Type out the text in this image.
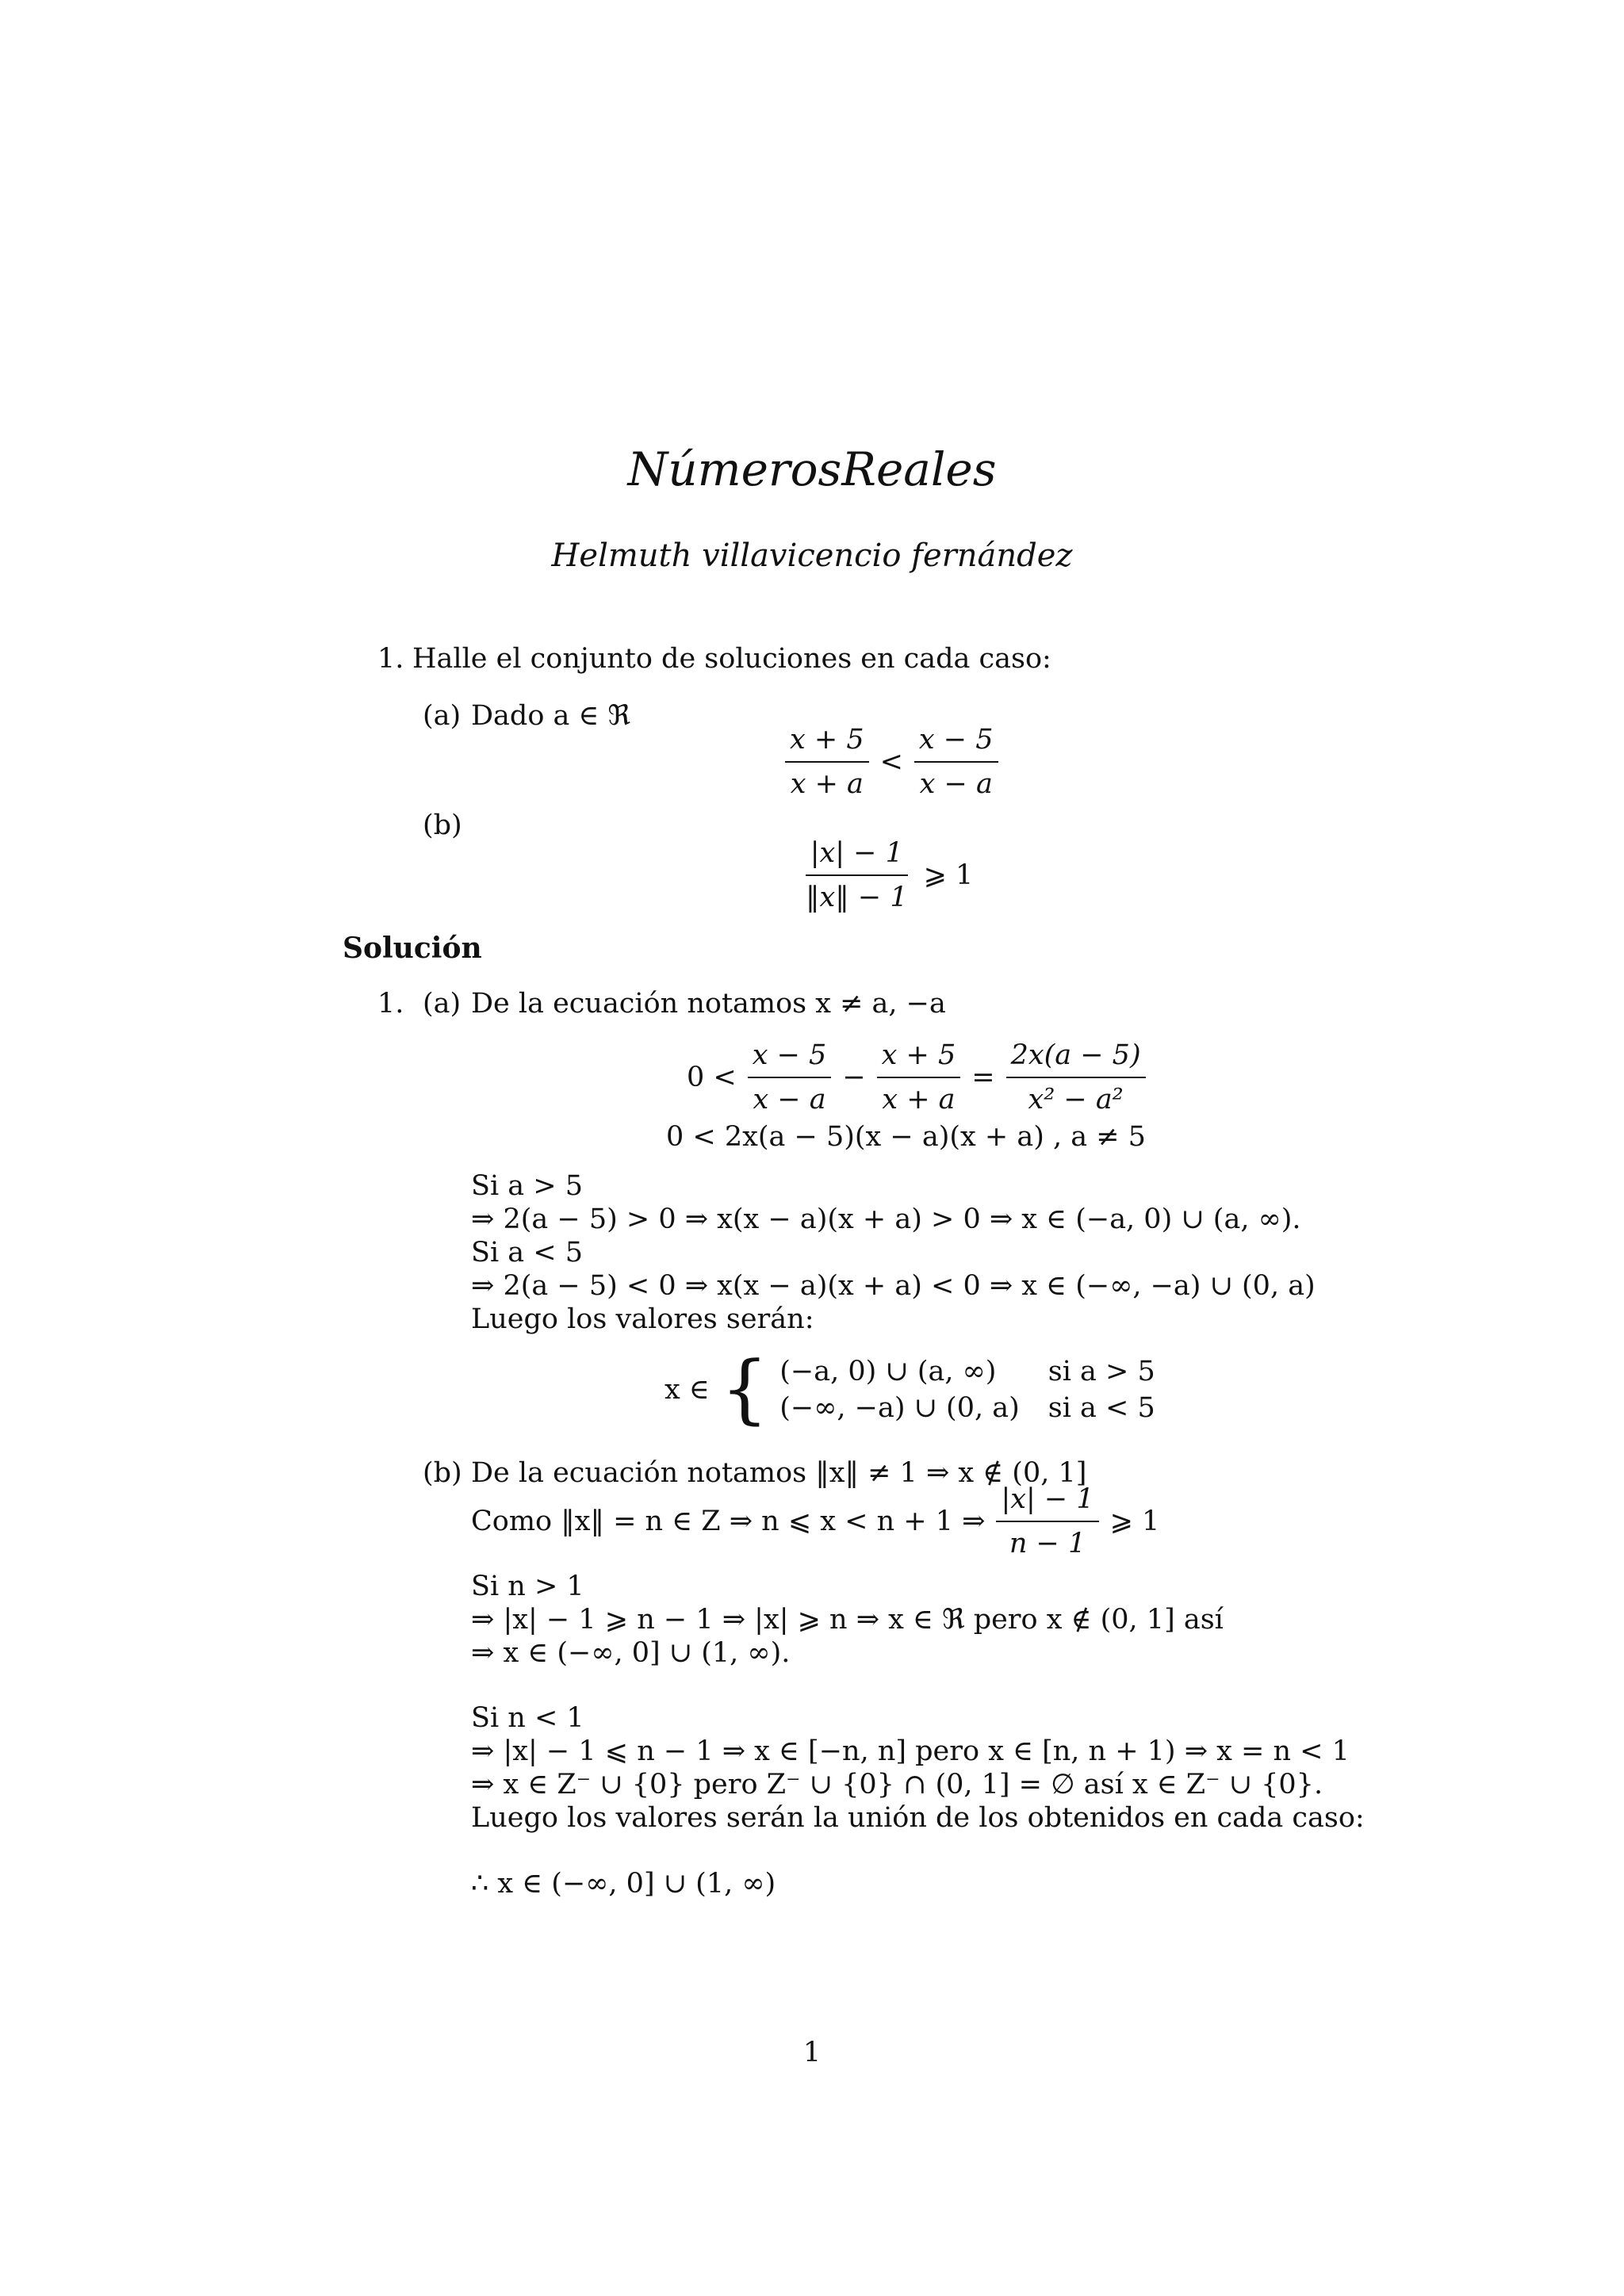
NúmerosReales
Helmuth villavicencio fernández
1. Halle el conjunto de soluciones en cada caso:
(a) Dado a ∈ ℜ
$\frac{x + 5}{x + a} < \frac{x - 5}{x - a}$
(b)
$\frac{|x| - 1}{‖x‖ - 1}$ ⩾ 1
Solución
1. (a) De la ecuación notamos x ≠ a, −a
$0 < \frac{x - 5}{x - a} - \frac{x + 5}{x + a} = \frac{2x(a - 5)}{\text{x² − a²}}$
0 < 2x(a − 5)(x − a)(x + a) , a ≠ 5
Si a > 5
⇒ 2(a − 5) > 0 ⇒ x(x − a)(x + a) > 0 ⇒ x ∈ (−a, 0) ∪ (a, ∞).
Si a < 5
⇒ 2(a − 5) < 0 ⇒ x(x − a)(x + a) < 0 ⇒ x ∈ (−∞, −a) ∪ (0, a)
Luego los valores serán:
x ∈ { (−a, 0) ∪ (a, ∞)	si a > 5
(−∞, −a) ∪ (0, a) si a < 5
(b) De la ecuación notamos ‖x‖ ≠ 1 ⇒ x ∉ (0, 1]
Como ‖x‖ = n ∈ Z ⇒ n ⩽ x < n + 1 ⇒ $\frac{|x| - 1}{n - 1}$ ⩾ 1
Si n > 1
⇒ |x| − 1 ⩾ n − 1 ⇒ |x| ⩾ n ⇒ x ∈ ℜ pero x ∉ (0, 1] así
⇒ x ∈ (−∞, 0] ∪ (1, ∞).
Si n < 1
⇒ |x| − 1 ⩽ n − 1 ⇒ x ∈ [−n, n] pero x ∈ [n, n + 1) ⇒ x = n < 1
⇒ x ∈ Z⁻ ∪ {0} pero Z⁻ ∪ {0} ∩ (0, 1] = ∅ así x ∈ Z⁻ ∪ {0}.
Luego los valores serán la unión de los obtenidos en cada caso:
∴ x ∈ (−∞, 0] ∪ (1, ∞)
1
